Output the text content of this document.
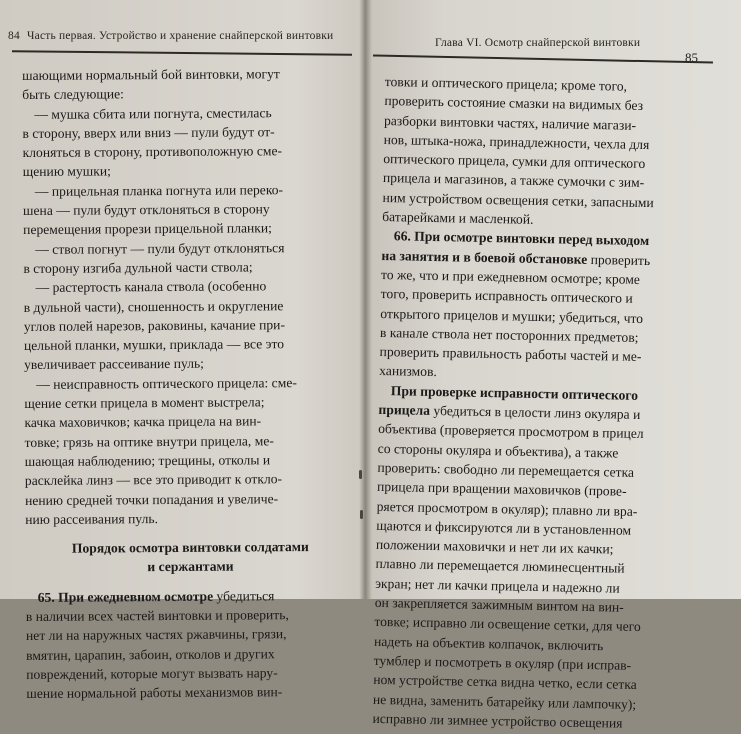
84 Часть первая. Устройство и хранение снайперской винтовки
шающими нормальный бой винтовки, могут
быть следующие:
— мушка сбита или погнута, сместилась
в сторону, вверх или вниз — пули будут от-
клоняться в сторону, противоположную сме-
щению мушки;
— прицельная планка погнута или переко-
шена — пули будут отклоняться в сторону
перемещения прорези прицельной планки;
— ствол погнут — пули будут отклоняться
в сторону изгиба дульной части ствола;
— растертость канала ствола (особенно
в дульной части), сношенность и округление
углов полей нарезов, раковины, качание при-
цельной планки, мушки, приклада — все это
увеличивает рассеивание пуль;
— неисправность оптического прицела: сме-
щение сетки прицела в момент выстрела;
качка маховичков; качка прицела на вин-
товке; грязь на оптике внутри прицела, ме-
шающая наблюдению; трещины, отколы и
расклейка линз — все это приводит к откло-
нению средней точки попадания и увеличе-
нию рассеивания пуль.
Порядок осмотра винтовки солдатами
и сержантами
65. При ежедневном осмотре убедиться
в наличии всех частей винтовки и проверить,
нет ли на наружных частях ржавчины, грязи,
вмятин, царапин, забоин, отколов и других
повреждений, которые могут вызвать нару-
шение нормальной работы механизмов вин-
Глава VI. Осмотр снайперской винтовки
85
товки и оптического прицела; кроме того,
проверить состояние смазки на видимых без
разборки винтовки частях, наличие магази-
нов, штыка-ножа, принадлежности, чехла для
оптического прицела, сумки для оптического
прицела и магазинов, а также сумочки с зим-
ним устройством освещения сетки, запасными
батарейками и масленкой.
66. При осмотре винтовки перед выходом
на занятия и в боевой обстановке проверить
то же, что и при ежедневном осмотре; кроме
того, проверить исправность оптического и
открытого прицелов и мушки; убедиться, что
в канале ствола нет посторонних предметов;
проверить правильность работы частей и ме-
ханизмов.
При проверке исправности оптического
прицела убедиться в целости линз окуляра и
объектива (проверяется просмотром в прицел
со стороны окуляра и объектива), а также
проверить: свободно ли перемещается сетка
прицела при вращении маховичков (прове-
ряется просмотром в окуляр); плавно ли вра-
щаются и фиксируются ли в установленном
положении маховички и нет ли их качки;
плавно ли перемещается люминесцентный
экран; нет ли качки прицела и надежно ли
он закрепляется зажимным винтом на вин-
товке; исправно ли освещение сетки, для чего
надеть на объектив колпачок, включить
тумблер и посмотреть в окуляр (при исправ-
ном устройстве сетка видна четко, если сетка
не видна, заменить батарейку или лампочку);
исправно ли зимнее устройство освещения
